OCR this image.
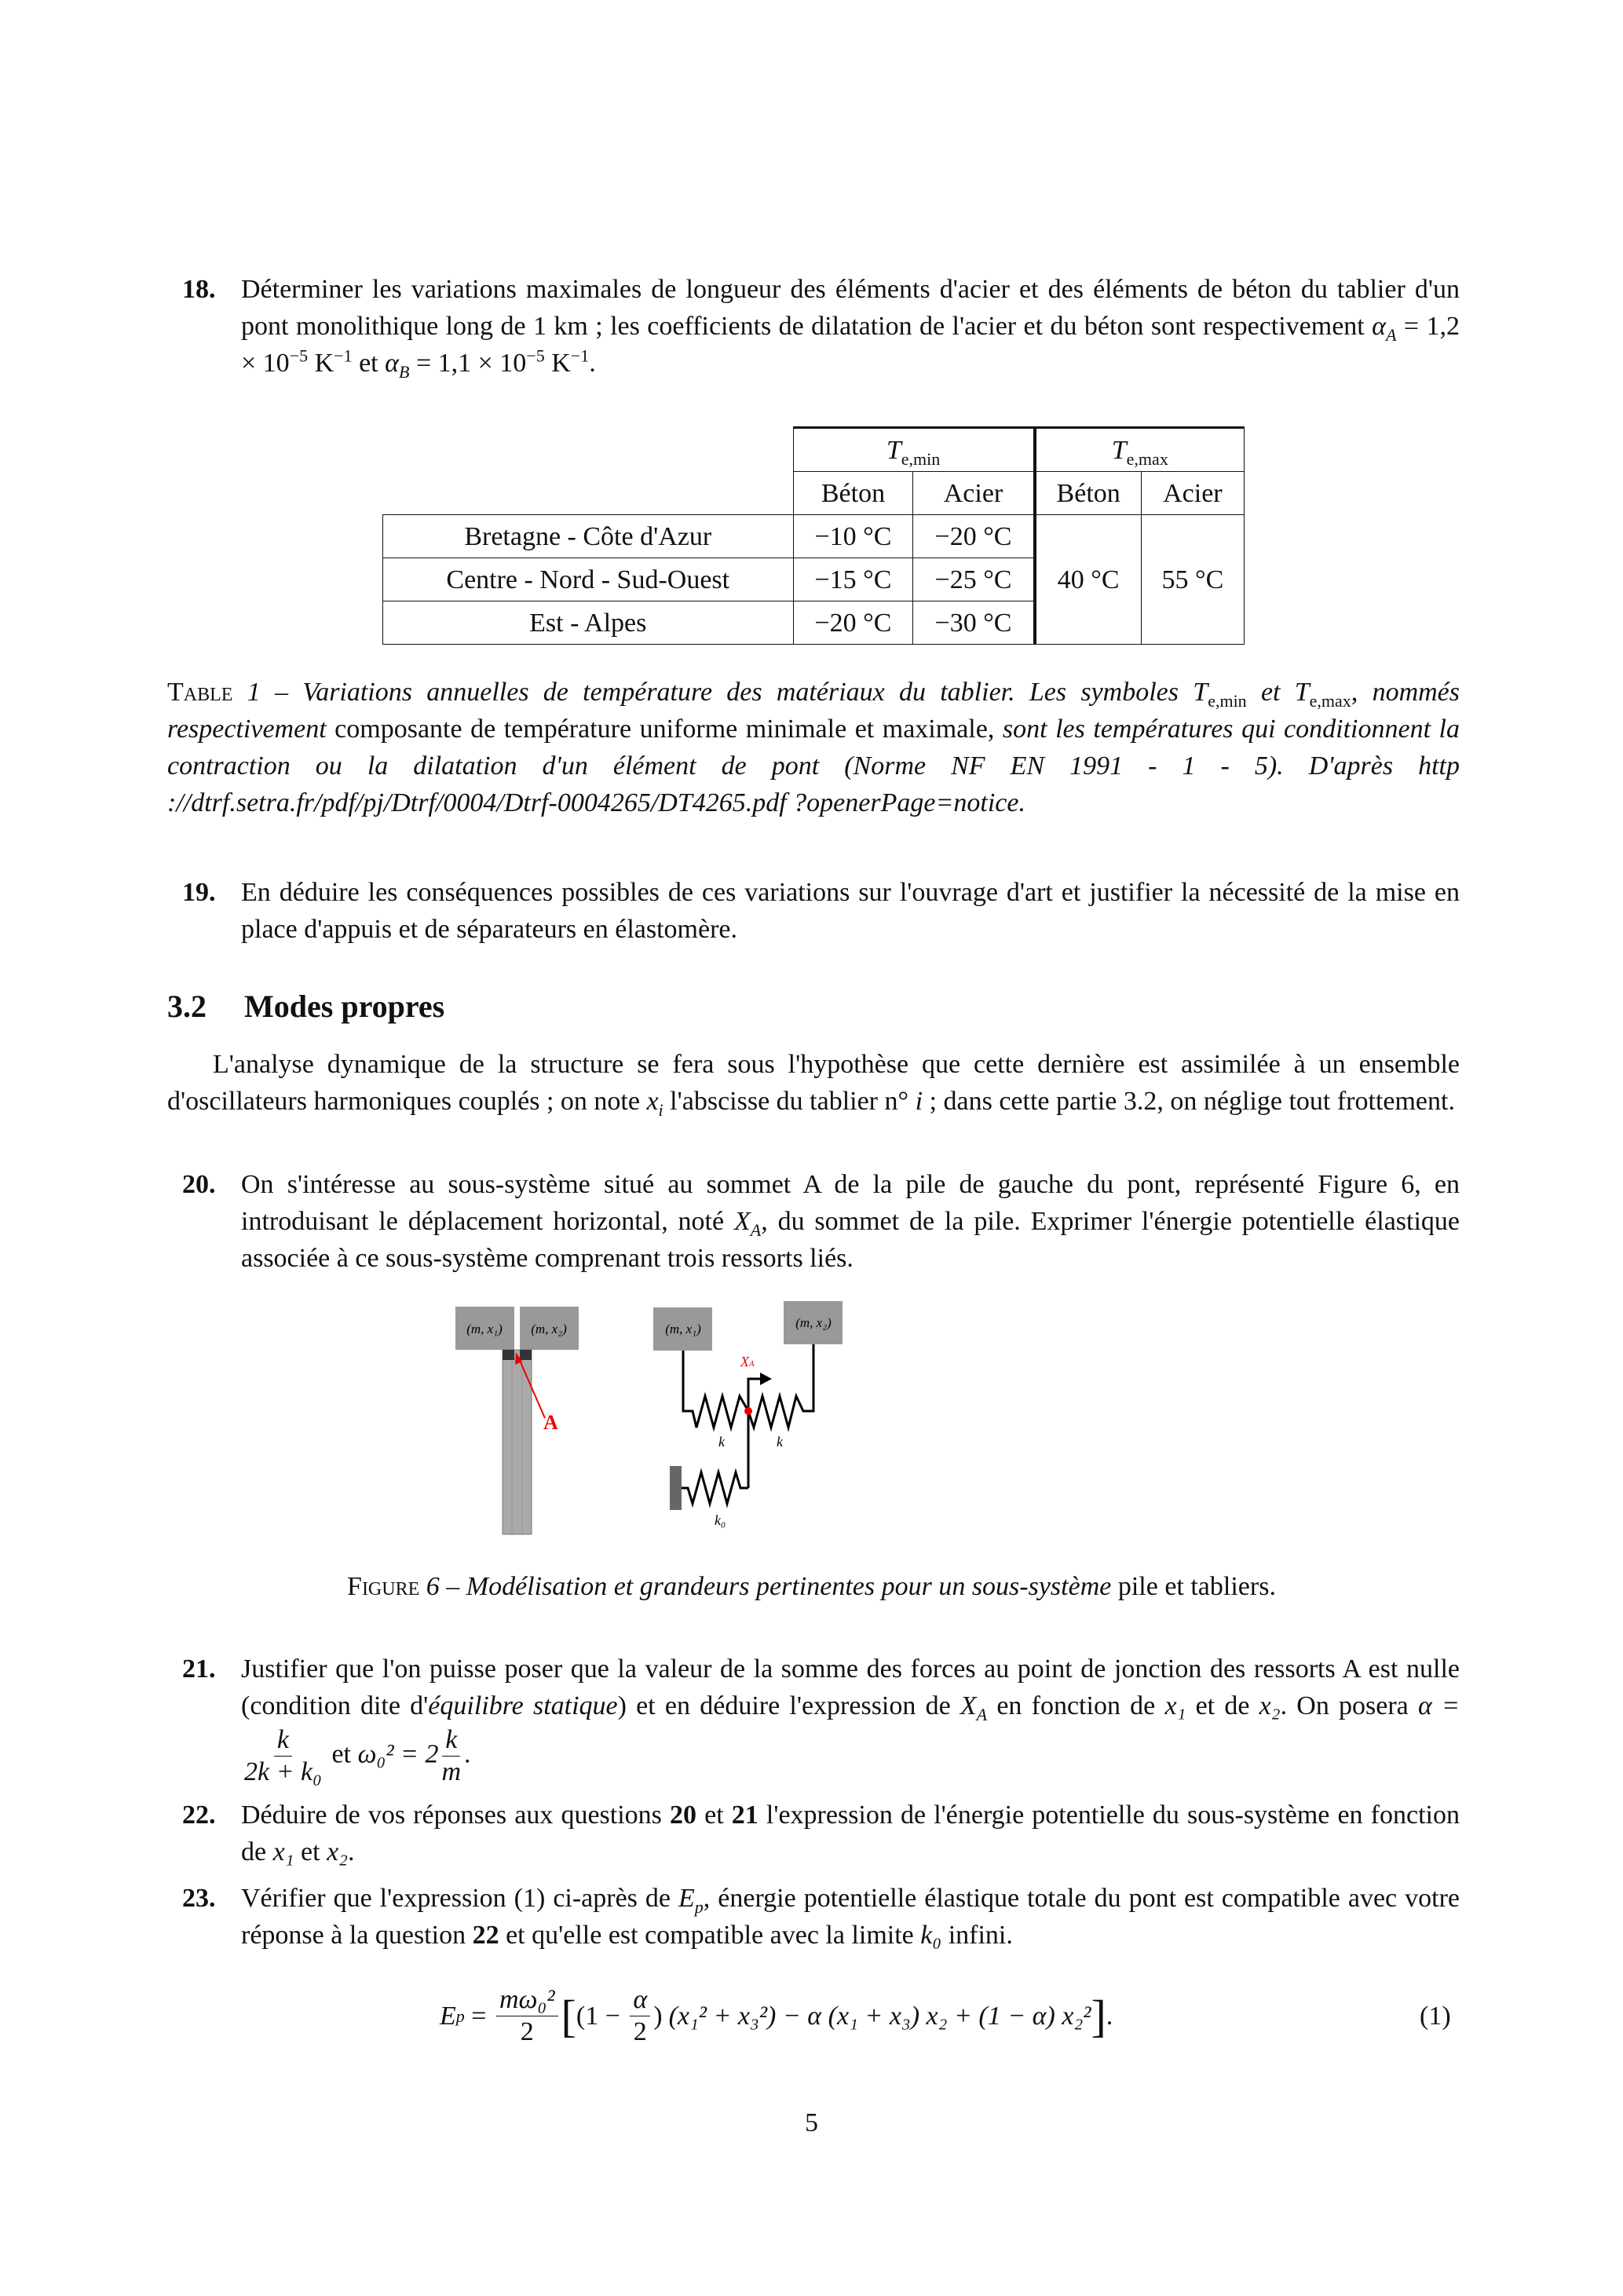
18. Déterminer les variations maximales de longueur des éléments d'acier et des éléments de béton du tablier d'un pont monolithique long de 1 km ; les coefficients de dilatation de l'acier et du béton sont respectivement $\alpha_A = 1,2 \times 10^{-5}$ $K^{-1}$ et $\alpha_B = 1,1 \times 10^{-5}$ $K^{-1}$.
	$T_{e,min}$		$T_{e,max}$
	Béton	Acier	Béton	Acier
Bretagne - Côte d'Azur	−10 °C	−20 °C	40 °C	55 °C
Centre - Nord - Sud-Ouest	−15 °C	−25 °C		
Est - Alpes	−20 °C	−30 °C		
Table 1 – Variations annuelles de température des matériaux du tablier. Les symboles $T_{e,min}$ et $T_{e,max}$, nommés respectivement composante de température uniforme minimale et maximale, sont les températures qui conditionnent la contraction ou la dilatation d'un élément de pont (Norme NF EN 1991 - 1 - 5). D'après http ://dtrf.setra.fr/pdf/pj/Dtrf/0004/Dtrf-0004265/DT4265.pdf ?openerPage=notice.
19. En déduire les conséquences possibles de ces variations sur l'ouvrage d'art et justifier la nécessité de la mise en place d'appuis et de séparateurs en élastomère.
3.2 Modes propres
L'analyse dynamique de la structure se fera sous l'hypothèse que cette dernière est assimilée à un ensemble d'oscillateurs harmoniques couplés ; on note $x_i$ l'abscisse du tablier n° i ; dans cette partie 3.2, on néglige tout frottement.
20. On s'intéresse au sous-système situé au sommet A de la pile de gauche du pont, représenté Figure 6, en introduisant le déplacement horizontal, noté $X_A$, du sommet de la pile. Exprimer l'énergie potentielle élastique associée à ce sous-système comprenant trois ressorts liés.
(m, x₁) (m, x₂)
A
(m, x₁)	(m, x₂)
XA
k	k
k₀
Figure 6 – Modélisation et grandeurs pertinentes pour un sous-système pile et tabliers.
21. Justifier que l'on puisse poser que la valeur de la somme des forces au point de jonction des ressorts A est nulle (condition dite d'équilibre statique) et en déduire l'expression de $X_A$ en fonction de x₁ et de x₂. On posera α =
$\frac{k}{\text{2k + k₀}}$ et $\omega_0^2 = 2 \frac{k}{m}$ .
22. Déduire de vos réponses aux questions 20 et 21 l'expression de l'énergie potentielle du sous-système en fonction de x₁ et x₂.
23. Vérifier que l'expression (1) ci-après de $E_p$, énergie potentielle élastique totale du pont est compatible avec votre réponse à la question 22 et qu'elle est compatible avec la limite k₀ infini.
E $p = \frac{\text{mω₀²}}{2}$ [ ($1 - \frac{\alpha}{2}$ ) (x₁² + x₃²) − α (x₁ + x₃) x₂ + (1 − α) x₂² ] .	(1)
5
